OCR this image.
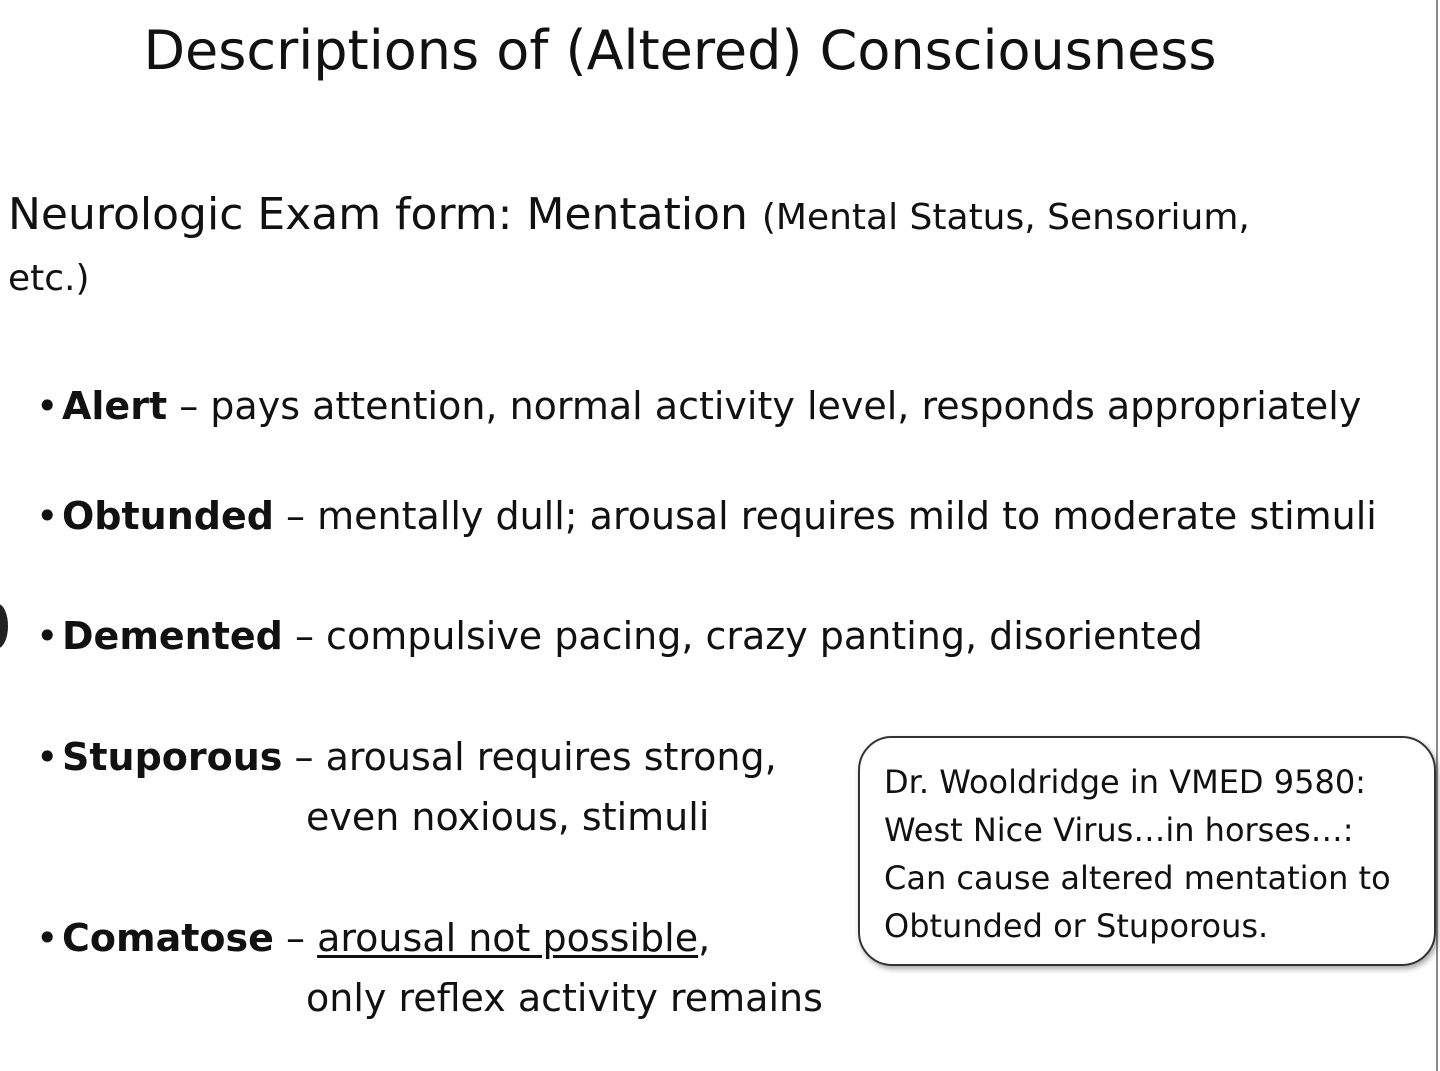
Descriptions of (Altered) Consciousness
Neurologic Exam form: Mentation (Mental Status, Sensorium,
etc.)
•Alert – pays attention, normal activity level, responds appropriately
•Obtunded – mentally dull; arousal requires mild to moderate stimuli
•Demented – compulsive pacing, crazy panting, disoriented
•Stuporous – arousal requires strong,
even noxious, stimuli
•Comatose – arousal not possible,
only reflex activity remains
Dr. Wooldridge in VMED 9580:
West Nice Virus…in horses…:
Can cause altered mentation to
Obtunded or Stuporous.
